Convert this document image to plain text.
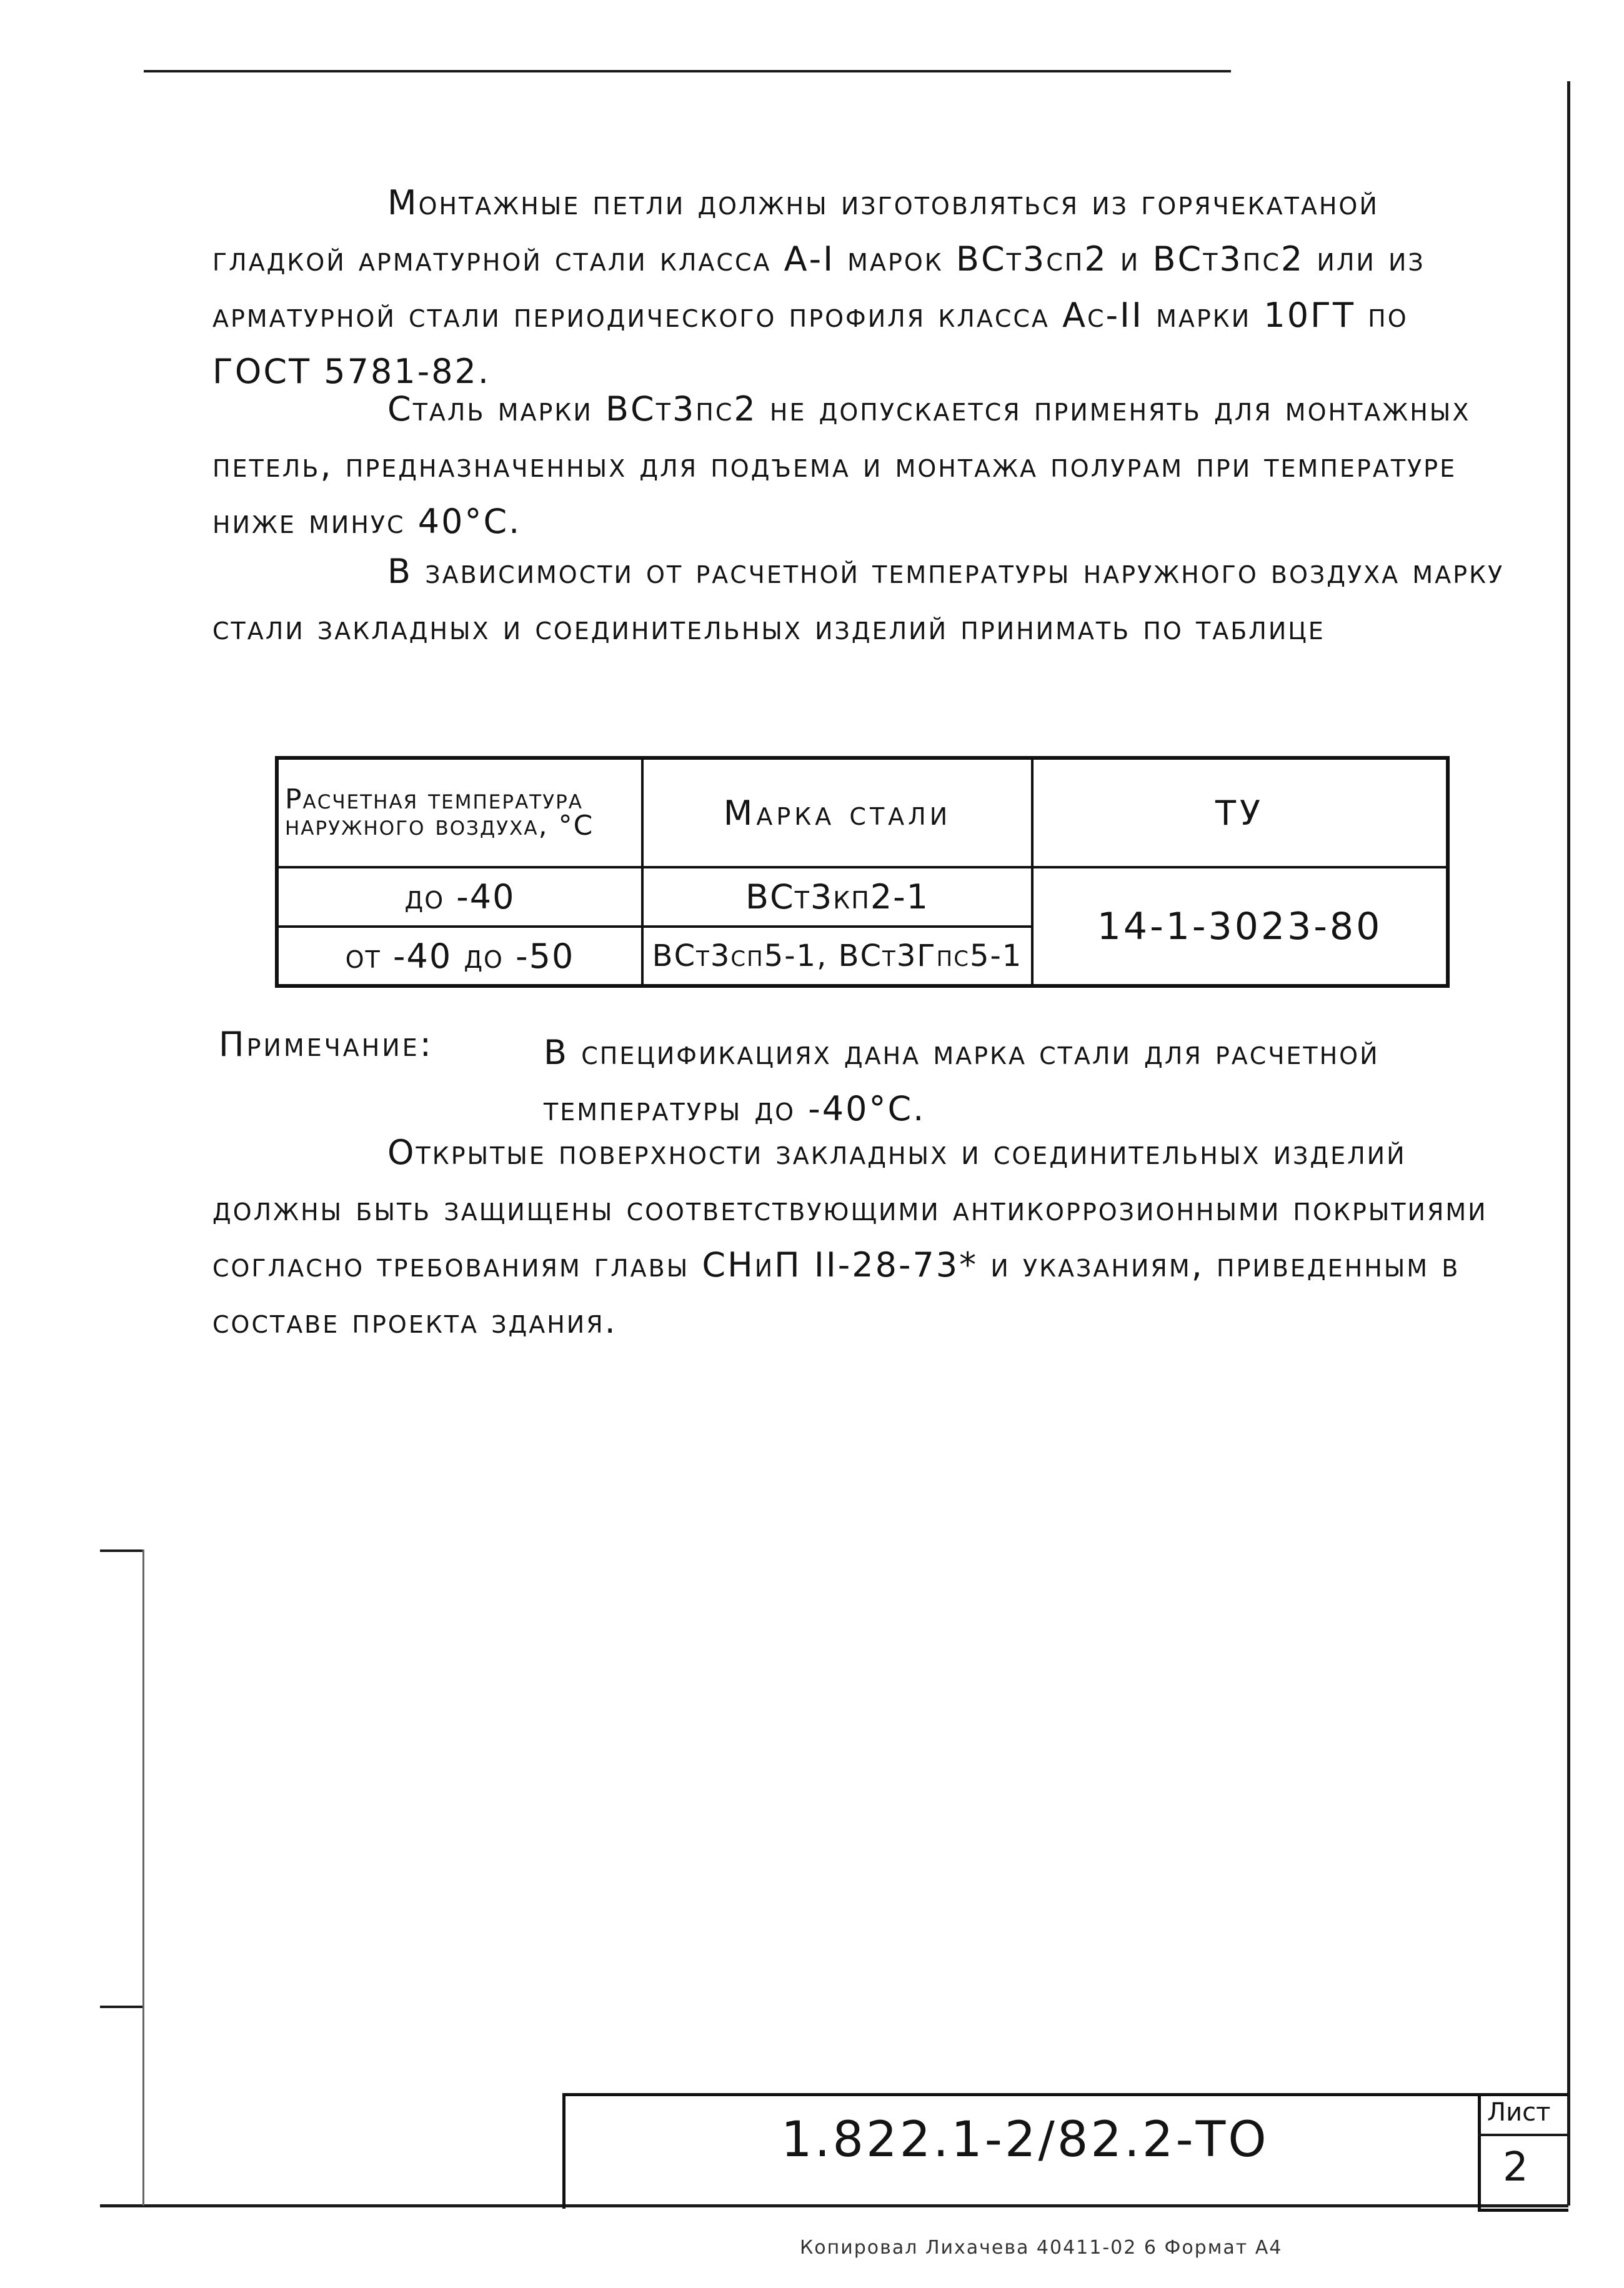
Монтажные петли должны изготовляться из горячекатаной гладкой арматурной стали класса А-I марок ВСт3сп2 и ВСт3пс2 или из арматурной стали периодического профиля класса Ас-II марки 10ГТ по ГОСТ 5781-82.
Сталь марки ВСт3пс2 не допускается применять для монтажных петель, предназначенных для подъема и монтажа полурам при температуре ниже минус 40°С.
В зависимости от расчетной температуры наружного воздуха марку стали закладных и соединительных изделий принимать по таблице
Расчетная температура наружного воздуха, °С	Марка стали	ТУ
до -40	ВСт3кп2-1	14-1-3023-80
от -40 до -50	ВСт3сп5-1, ВСт3Гпс5-1	
Примечание:	В спецификациях дана марка стали для расчетной температуры до -40°С.
Открытые поверхности закладных и соединительных изделий должны быть защищены соответствующими антикоррозионными покрытиями согласно требованиям главы СНиП II-28-73* и указаниям, приведенным в составе проекта здания.
1.822.1-2/82.2-ТО	Лист
2
Копировал Лихачева 40411-02 6 Формат А4
